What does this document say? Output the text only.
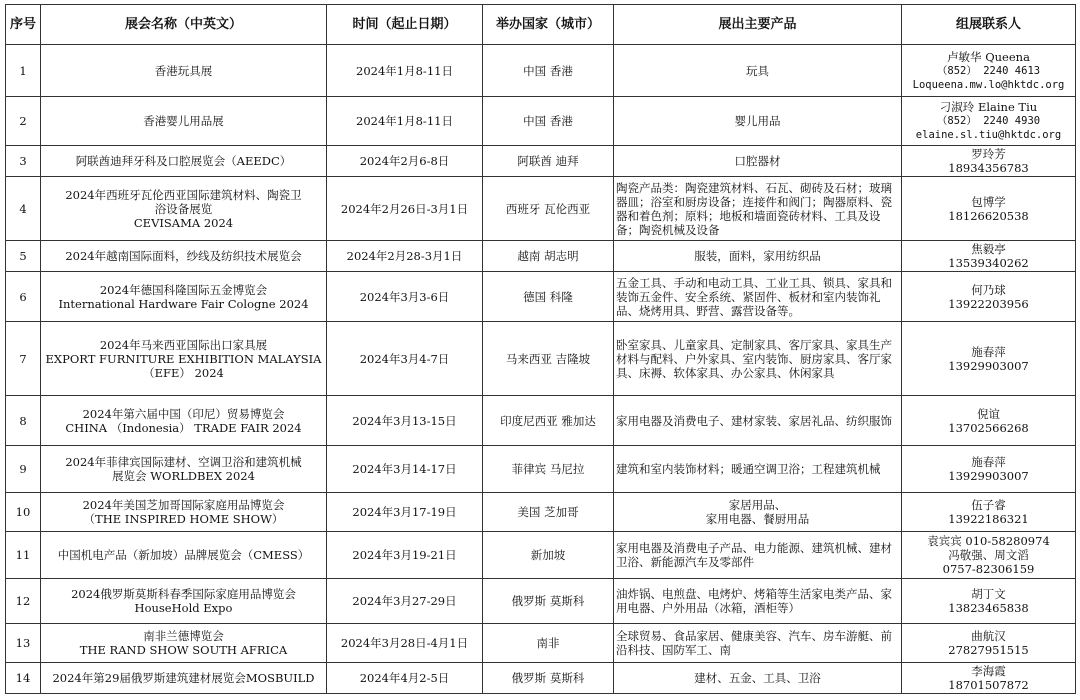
序号	展会名称（中英文）	时间（起止日期）	举办国家（城市）	展出主要产品	组展联系人
1	香港玩具展	2024年1月8-11日	中国 香港	玩具	卢敏华 Queena
（852） 2240 4613
Loqueena.mw.lo@hktdc.org

2	香港婴儿用品展	2024年1月8-11日	中国 香港	婴儿用品	刁淑玲 Elaine Tiu
（852） 2240 4930
elaine.sl.tiu@hktdc.org

3	阿联酋迪拜牙科及口腔展览会（AEEDC）	2024年2月6-8日	阿联酋 迪拜	口腔器材	罗玲芳
18934356783

4	2024年西班牙瓦伦西亚国际建筑材料、陶瓷卫
浴设备展览
CEVISAMA 2024	2024年2月26日-3月1日	西班牙 瓦伦西亚	陶瓷产品类：陶瓷建筑材料、石瓦、砌砖及石材；玻璃器皿；浴室和厨房设备；连接件和阀门；陶器原料、瓷器和着色剂；原料；地板和墙面瓷砖材料、工具及设备；陶瓷机械及设备	包博学
18126620538

5	2024年越南国际面料，纱线及纺织技术展览会	2024年2月28-3月1日	越南 胡志明	服装，面料，家用纺织品	焦毅亭
13539340262

6	2024年德国科隆国际五金博览会
International Hardware Fair Cologne 2024	2024年3月3-6日	德国 科隆	五金工具、手动和电动工具、工业工具、锁具、家具和装饰五金件、安全系统、紧固件、板材和室内装饰礼品、烧烤用具、野营、露营设备等。	何乃球
13922203956

7	2024年马来西亚国际出口家具展
EXPORT FURNITURE EXHIBITION MALAYSIA
（EFE） 2024	2024年3月4-7日	马来西亚 吉隆坡	卧室家具、儿童家具、定制家具、客厅家具、家具生产材料与配料、户外家具、室内装饰、厨房家具、客厅家具、床褥、软体家具、办公家具、休闲家具	施春萍
13929903007

8	2024年第六届中国（印尼）贸易博览会
CHINA （Indonesia） TRADE FAIR 2024	2024年3月13-15日	印度尼西亚 雅加达	家用电器及消费电子、建材家装、家居礼品、纺织服饰	倪谊
13702566268

9	2024年菲律宾国际建材、空调卫浴和建筑机械
展览会 WORLDBEX 2024	2024年3月14-17日	菲律宾 马尼拉	建筑和室内装饰材料；暖通空调卫浴；工程建筑机械	施春萍
13929903007

10	2024年美国芝加哥国际家庭用品博览会
（THE INSPIRED HOME SHOW）	2024年3月17-19日	美国 芝加哥	家居用品、
家用电器、餐厨用品	伍子睿
13922186321

11	中国机电产品（新加坡）品牌展览会（CMESS）	2024年3月19-21日	新加坡	家用电器及消费电子产品、电力能源、建筑机械、建材卫浴、新能源汽车及零部件	袁宾宾 010-58280974
冯敬强、周文滔
0757-82306159

12	2024俄罗斯莫斯科春季国际家庭用品博览会
HouseHold Expo	2024年3月27-29日	俄罗斯 莫斯科	油炸锅、电煎盘、电烤炉、烤箱等生活家电类产品、家用电器、户外用品（冰箱，酒柜等）	胡丁文
13823465838

13	南非兰德博览会
THE RAND SHOW SOUTH AFRICA	2024年3月28日-4月1日	南非	全球贸易、食品家居、健康美容、汽车、房车游艇、前沿科技、国防军工、南	曲航汉
27827951515

14	2024年第29届俄罗斯建筑建材展览会MOSBUILD	2024年4月2-5日	俄罗斯 莫斯科	建材、五金、工具、卫浴	李海霞
18701507872
